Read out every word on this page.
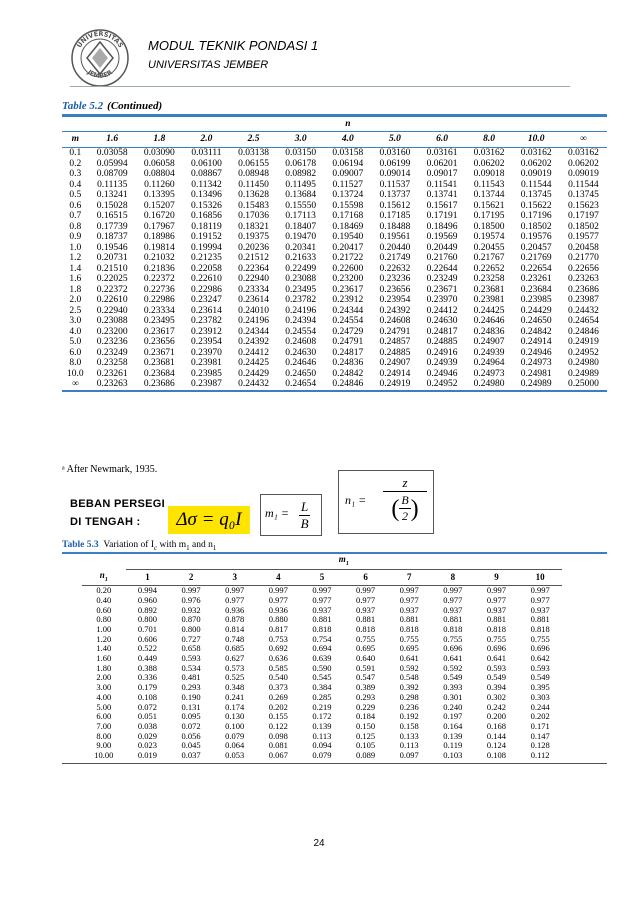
UNIVERSITAS
JEMBER
MODUL TEKNIK PONDASI 1
UNIVERSITAS JEMBER
Table 5.2 (Continued)
	n										
m	1.6	1.8	2.0	2.5	3.0	4.0	5.0	6.0	8.0	10.0	∞
0.1	0.03058	0.03090	0.03111	0.03138	0.03150	0.03158	0.03160	0.03161	0.03162	0.03162	0.03162
0.2	0.05994	0.06058	0.06100	0.06155	0.06178	0.06194	0.06199	0.06201	0.06202	0.06202	0.06202
0.3	0.08709	0.08804	0.08867	0.08948	0.08982	0.09007	0.09014	0.09017	0.09018	0.09019	0.09019
0.4	0.11135	0.11260	0.11342	0.11450	0.11495	0.11527	0.11537	0.11541	0.11543	0.11544	0.11544
0.5	0.13241	0.13395	0.13496	0.13628	0.13684	0.13724	0.13737	0.13741	0.13744	0.13745	0.13745
0.6	0.15028	0.15207	0.15326	0.15483	0.15550	0.15598	0.15612	0.15617	0.15621	0.15622	0.15623
0.7	0.16515	0.16720	0.16856	0.17036	0.17113	0.17168	0.17185	0.17191	0.17195	0.17196	0.17197
0.8	0.17739	0.17967	0.18119	0.18321	0.18407	0.18469	0.18488	0.18496	0.18500	0.18502	0.18502
0.9	0.18737	0.18986	0.19152	0.19375	0.19470	0.19540	0.19561	0.19569	0.19574	0.19576	0.19577
1.0	0.19546	0.19814	0.19994	0.20236	0.20341	0.20417	0.20440	0.20449	0.20455	0.20457	0.20458
1.2	0.20731	0.21032	0.21235	0.21512	0.21633	0.21722	0.21749	0.21760	0.21767	0.21769	0.21770
1.4	0.21510	0.21836	0.22058	0.22364	0.22499	0.22600	0.22632	0.22644	0.22652	0.22654	0.22656
1.6	0.22025	0.22372	0.22610	0.22940	0.23088	0.23200	0.23236	0.23249	0.23258	0.23261	0.23263
1.8	0.22372	0.22736	0.22986	0.23334	0.23495	0.23617	0.23656	0.23671	0.23681	0.23684	0.23686
2.0	0.22610	0.22986	0.23247	0.23614	0.23782	0.23912	0.23954	0.23970	0.23981	0.23985	0.23987
2.5	0.22940	0.23334	0.23614	0.24010	0.24196	0.24344	0.24392	0.24412	0.24425	0.24429	0.24432
3.0	0.23088	0.23495	0.23782	0.24196	0.24394	0.24554	0.24608	0.24630	0.24646	0.24650	0.24654
4.0	0.23200	0.23617	0.23912	0.24344	0.24554	0.24729	0.24791	0.24817	0.24836	0.24842	0.24846
5.0	0.23236	0.23656	0.23954	0.24392	0.24608	0.24791	0.24857	0.24885	0.24907	0.24914	0.24919
6.0	0.23249	0.23671	0.23970	0.24412	0.24630	0.24817	0.24885	0.24916	0.24939	0.24946	0.24952
8.0	0.23258	0.23681	0.23981	0.24425	0.24646	0.24836	0.24907	0.24939	0.24964	0.24973	0.24980
10.0	0.23261	0.23684	0.23985	0.24429	0.24650	0.24842	0.24914	0.24946	0.24973	0.24981	0.24989
∞	0.23263	0.23686	0.23987	0.24432	0.24654	0.24846	0.24919	0.24952	0.24980	0.24989	0.25000
ᵃ After Newmark, 1935.
BEBAN PERSEGI
DI TENGAH :	Δσ = q₀I	$m_1 = \frac{L}{B}$	n₁ =
z
( $\frac{B}{2}$)
Table 5.3 Variation of $I_c$ with $m_1$ and $n_1$
	$m_1$
$n_1$	1	2	3	4	5	6	7	8	9	10
0.20	0.994	0.997	0.997	0.997	0.997	0.997	0.997	0.997	0.997	0.997
0.40	0.960	0.976	0.977	0.977	0.977	0.977	0.977	0.977	0.977	0.977
0.60	0.892	0.932	0.936	0.936	0.937	0.937	0.937	0.937	0.937	0.937
0.80	0.800	0.870	0.878	0.880	0.881	0.881	0.881	0.881	0.881	0.881
1.00	0.701	0.800	0.814	0.817	0.818	0.818	0.818	0.818	0.818	0.818
1.20	0.606	0.727	0.748	0.753	0.754	0.755	0.755	0.755	0.755	0.755
1.40	0.522	0.658	0.685	0.692	0.694	0.695	0.695	0.696	0.696	0.696
1.60	0.449	0.593	0.627	0.636	0.639	0.640	0.641	0.641	0.641	0.642
1.80	0.388	0.534	0.573	0.585	0.590	0.591	0.592	0.592	0.593	0.593
2.00	0.336	0.481	0.525	0.540	0.545	0.547	0.548	0.549	0.549	0.549
3.00	0.179	0.293	0.348	0.373	0.384	0.389	0.392	0.393	0.394	0.395
4.00	0.108	0.190	0.241	0.269	0.285	0.293	0.298	0.301	0.302	0.303
5.00	0.072	0.131	0.174	0.202	0.219	0.229	0.236	0.240	0.242	0.244
6.00	0.051	0.095	0.130	0.155	0.172	0.184	0.192	0.197	0.200	0.202
7.00	0.038	0.072	0.100	0.122	0.139	0.150	0.158	0.164	0.168	0.171
8.00	0.029	0.056	0.079	0.098	0.113	0.125	0.133	0.139	0.144	0.147
9.00	0.023	0.045	0.064	0.081	0.094	0.105	0.113	0.119	0.124	0.128
10.00	0.019	0.037	0.053	0.067	0.079	0.089	0.097	0.103	0.108	0.112
24
